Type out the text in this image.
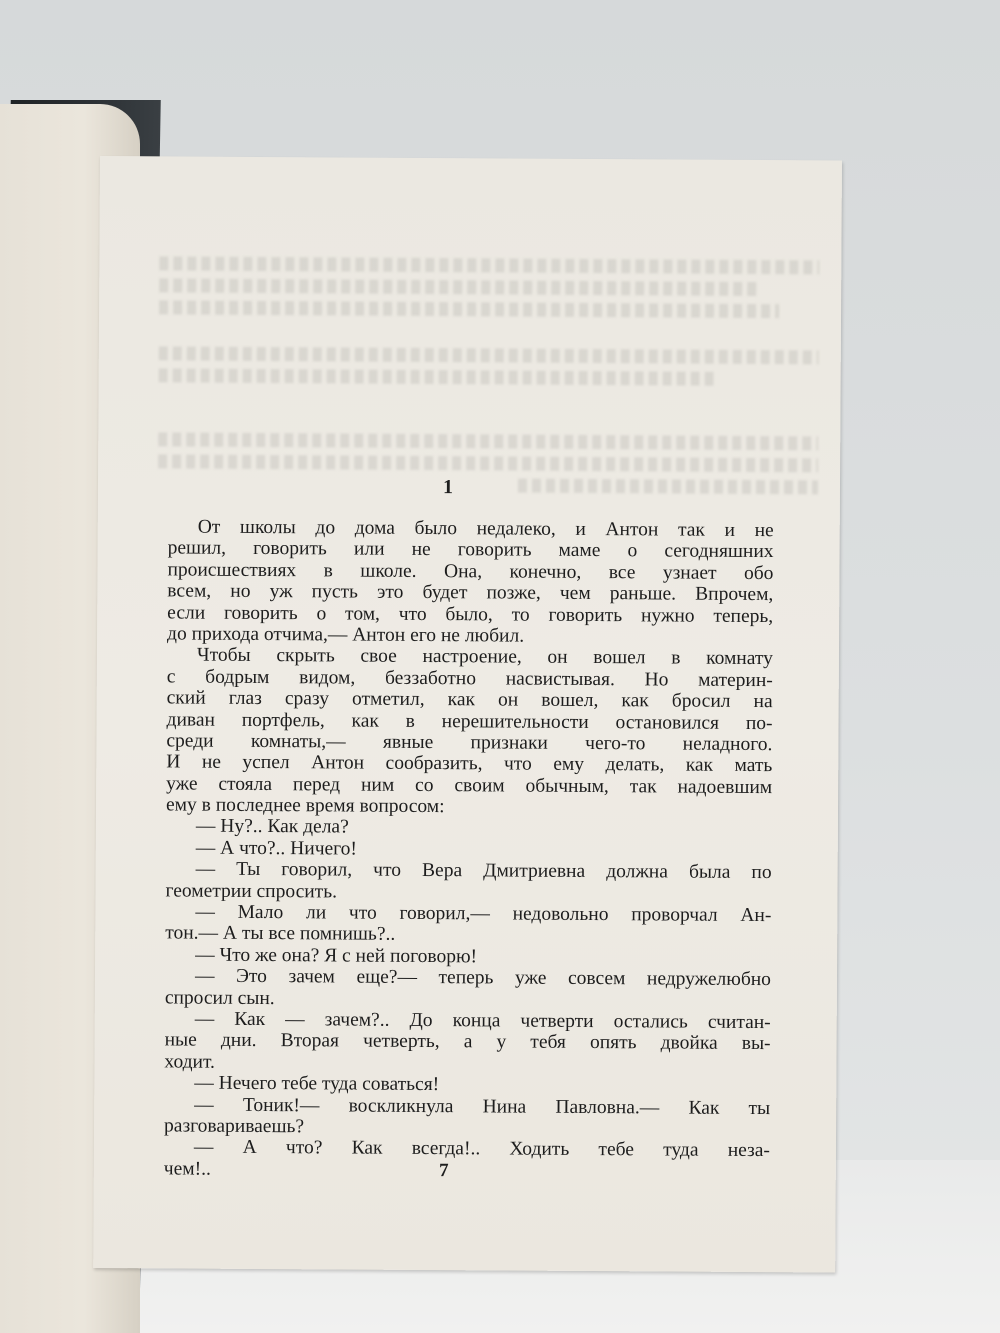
1
От школы до дома было недалеко, и Антон так и не
решил, говорить или не говорить маме о сегодняшних
происшествиях в школе. Она, конечно, все узнает обо
всем, но уж пусть это будет позже, чем раньше. Впрочем,
если говорить о том, что было, то говорить нужно теперь,
до прихода отчима,— Антон его не любил.
Чтобы скрыть свое настроение, он вошел в комнату
с бодрым видом, беззаботно насвистывая. Но материн-
ский глаз сразу отметил, как он вошел, как бросил на
диван портфель, как в нерешительности остановился по-
среди комнаты,— явные признаки чего-то неладного.
И не успел Антон сообразить, что ему делать, как мать
уже стояла перед ним со своим обычным, так надоевшим
ему в последнее время вопросом:
— Ну?.. Как дела?
— А что?.. Ничего!
— Ты говорил, что Вера Дмитриевна должна была по
геометрии спросить.
— Мало ли что говорил,— недовольно проворчал Ан-
тон.— А ты все помнишь?..
— Что же она? Я с ней поговорю!
— Это зачем еще?— теперь уже совсем недружелюбно
спросил сын.
— Как — зачем?.. До конца четверти остались считан-
ные дни. Вторая четверть, а у тебя опять двойка вы-
ходит.
— Нечего тебе туда соваться!
— Тоник!— воскликнула Нина Павловна.— Как ты
разговариваешь?
— А что? Как всегда!.. Ходить тебе туда неза-
чем!..	7
